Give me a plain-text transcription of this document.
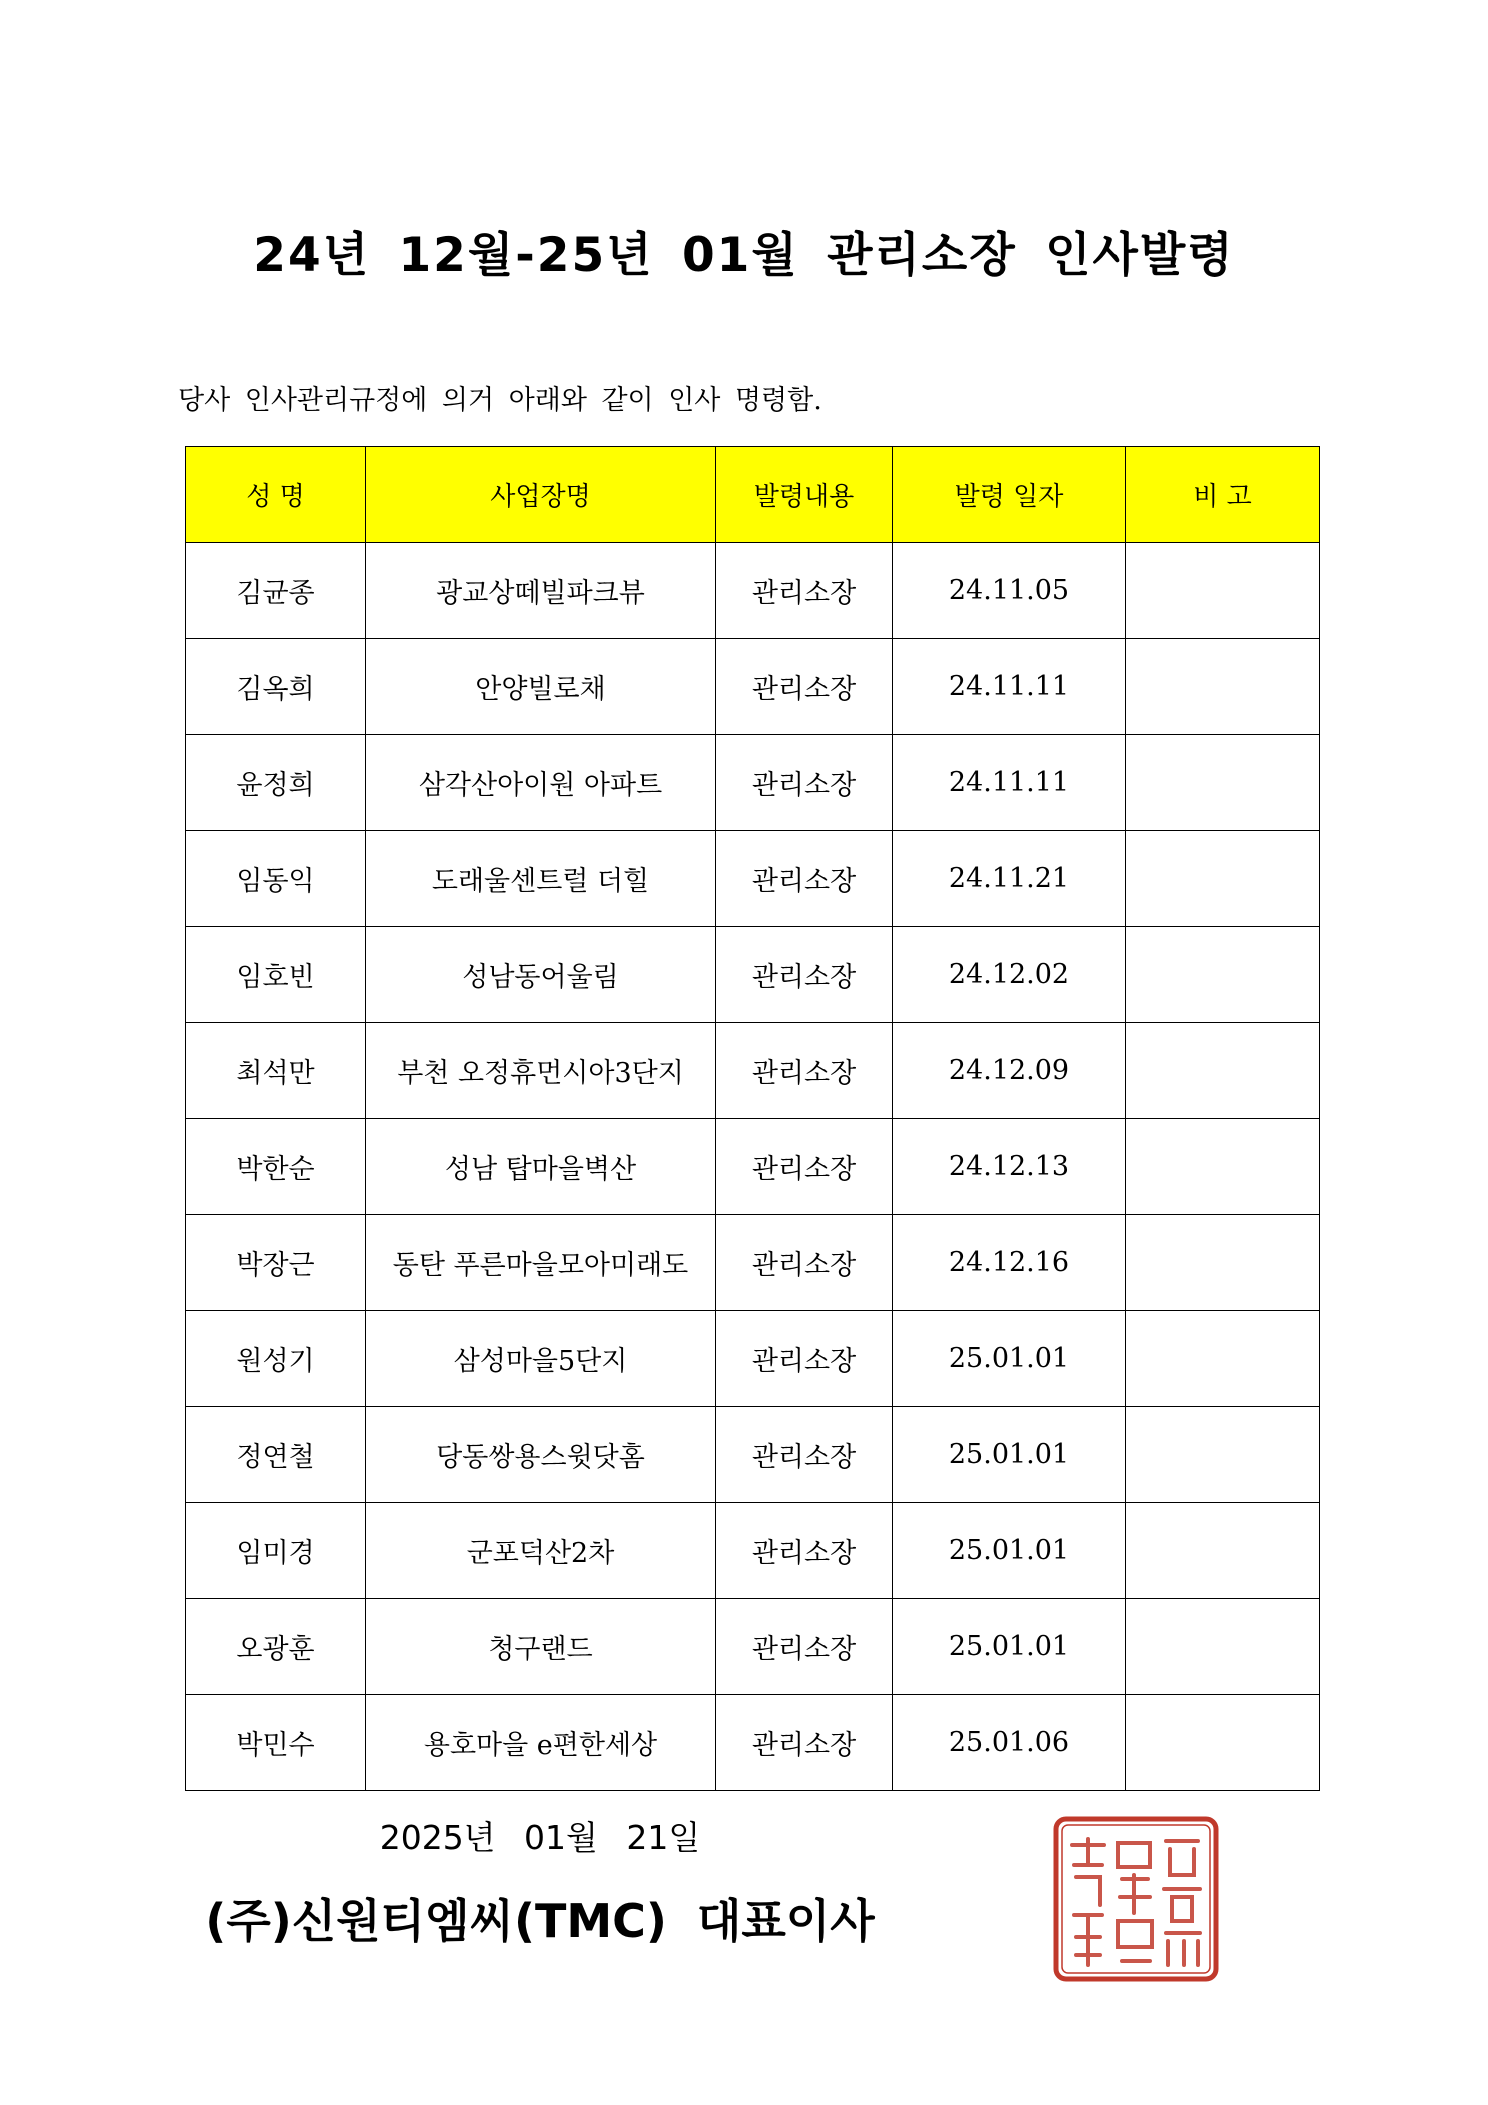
24년 12월-25년 01월 관리소장 인사발령
당사 인사관리규정에 의거 아래와 같이 인사 명령함.
성 명	사업장명	발령내용	발령 일자	비 고
김균종	광교상떼빌파크뷰	관리소장	24.11.05	
김옥희	안양빌로채	관리소장	24.11.11	
윤정희	삼각산아이원 아파트	관리소장	24.11.11	
임동익	도래울센트럴 더힐	관리소장	24.11.21	
임호빈	성남동어울림	관리소장	24.12.02	
최석만	부천 오정휴먼시아3단지	관리소장	24.12.09	
박한순	성남 탑마을벽산	관리소장	24.12.13	
박장근	동탄 푸른마을모아미래도	관리소장	24.12.16	
원성기	삼성마을5단지	관리소장	25.01.01	
정연철	당동쌍용스윗닷홈	관리소장	25.01.01	
임미경	군포덕산2차	관리소장	25.01.01	
오광훈	청구랜드	관리소장	25.01.01	
박민수	용호마을 e편한세상	관리소장	25.01.06	
2025년 01월 21일
(주)신원티엠씨(TMC) 대표이사
